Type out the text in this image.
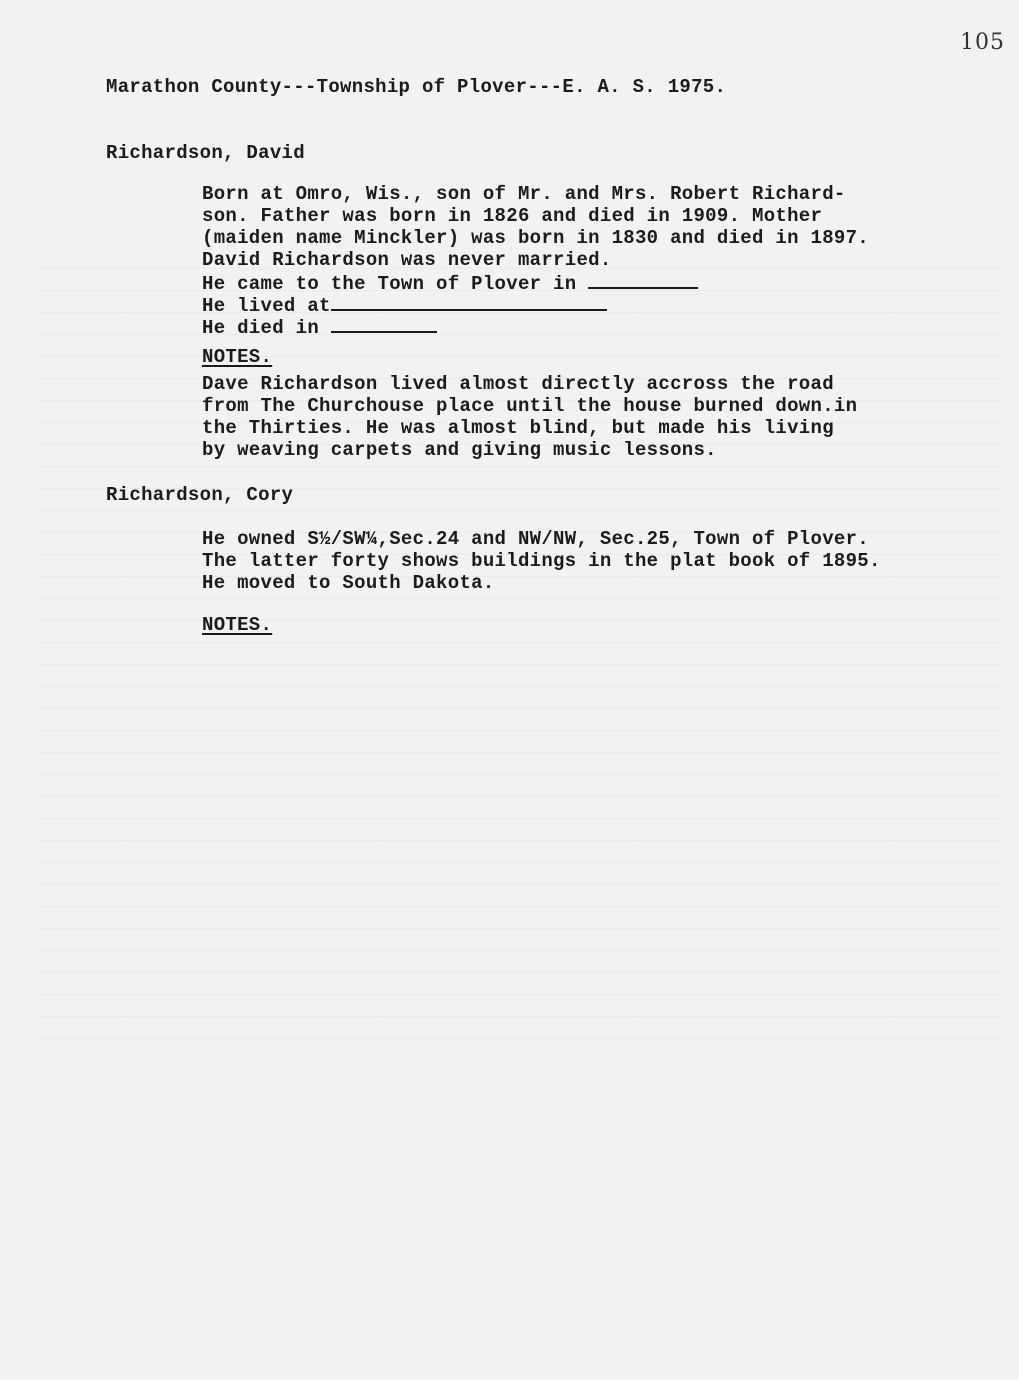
105
Marathon County---Township of Plover---E. A. S. 1975.
Richardson, David
Born at Omro, Wis., son of Mr. and Mrs. Robert Richard-
son. Father was born in 1826 and died in 1909. Mother
(maiden name Minckler) was born in 1830 and died in 1897.
David Richardson was never married.
He came to the Town of Plover in
He lived at
He died in
NOTES.
Dave Richardson lived almost directly accross the road
from The Churchouse place until the house burned down.in
the Thirties. He was almost blind, but made his living
by weaving carpets and giving music lessons.
Richardson, Cory
He owned S½/SW¼,Sec.24 and NW/NW, Sec.25, Town of Plover.
The latter forty shows buildings in the plat book of 1895.
He moved to South Dakota.
NOTES.
